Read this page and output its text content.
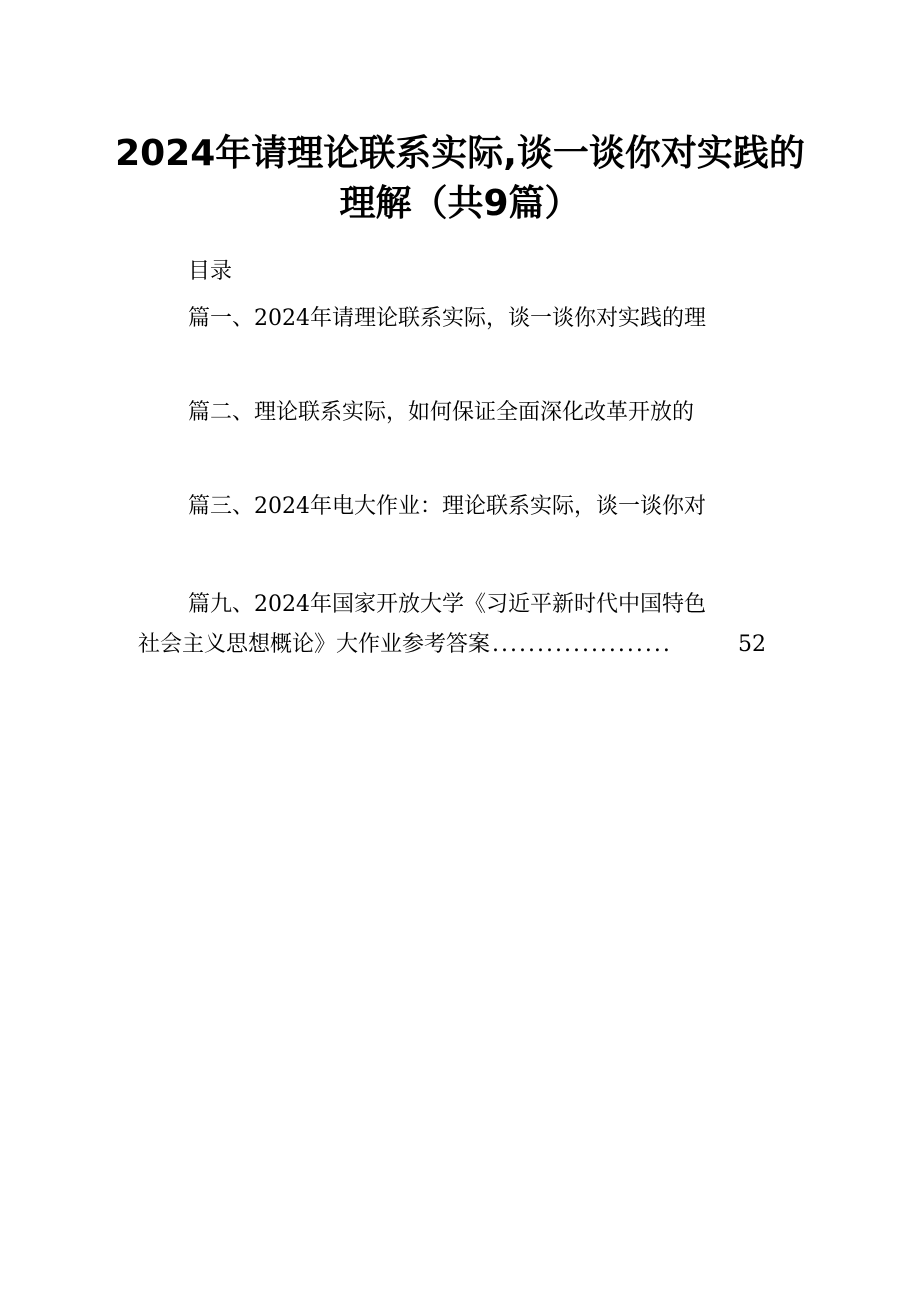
2024年请理论联系实际,谈一谈你对实践的
理解（共9篇）
目录
篇一、2024年请理论联系实际，谈一谈你对实践的理
篇二、理论联系实际，如何保证全面深化改革开放的
篇三、2024年电大作业：理论联系实际，谈一谈你对
篇九、2024年国家开放大学《习近平新时代中国特色
社会主义思想概论》大作业参考答案 ....................	52
